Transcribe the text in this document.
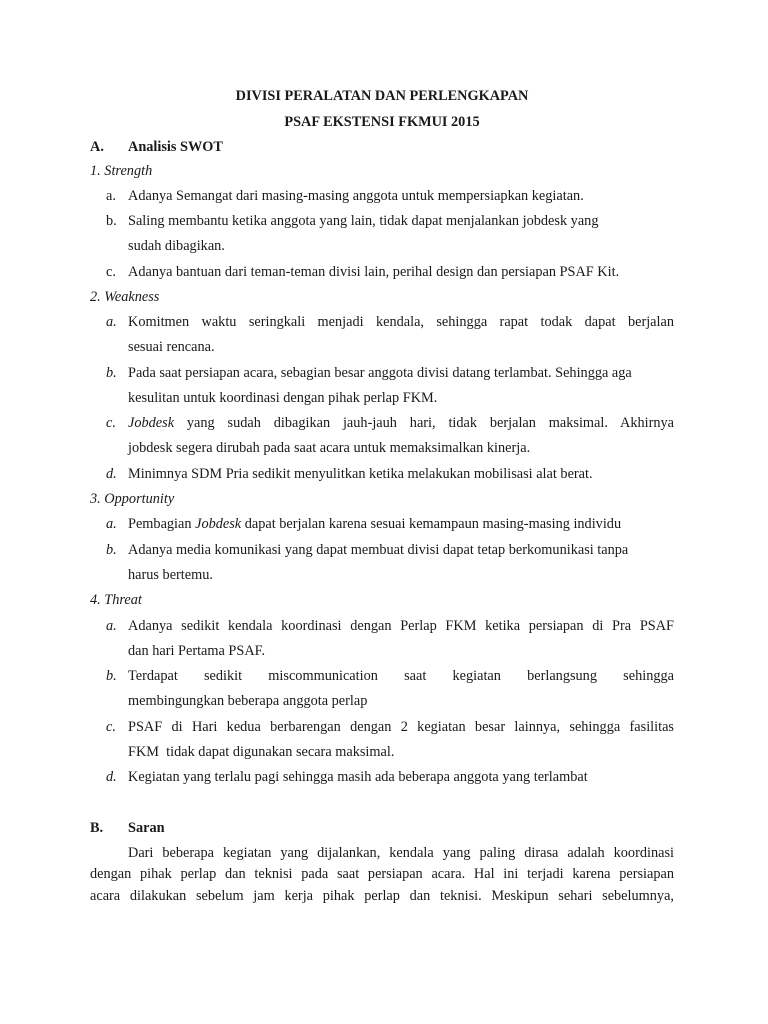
DIVISI PERALATAN DAN PERLENGKAPAN
PSAF EKSTENSI FKMUI 2015
A. Analisis SWOT
1. Strength
a. Adanya Semangat dari masing-masing anggota untuk mempersiapkan kegiatan.
b. Saling membantu ketika anggota yang lain, tidak dapat menjalankan jobdesk yang
sudah dibagikan.
c. Adanya bantuan dari teman-teman divisi lain, perihal design dan persiapan PSAF Kit.
2. Weakness
a. Komitmen waktu seringkali menjadi kendala, sehingga rapat todak dapat berjalan
sesuai rencana.
b. Pada saat persiapan acara, sebagian besar anggota divisi datang terlambat. Sehingga aga
kesulitan untuk koordinasi dengan pihak perlap FKM.
c. Jobdesk yang sudah dibagikan jauh-jauh hari, tidak berjalan maksimal. Akhirnya
jobdesk segera dirubah pada saat acara untuk memaksimalkan kinerja.
d. Minimnya SDM Pria sedikit menyulitkan ketika melakukan mobilisasi alat berat.
3. Opportunity
a. Pembagian Jobdesk dapat berjalan karena sesuai kemampaun masing-masing individu
b. Adanya media komunikasi yang dapat membuat divisi dapat tetap berkomunikasi tanpa
harus bertemu.
4. Threat
a. Adanya sedikit kendala koordinasi dengan Perlap FKM ketika persiapan di Pra PSAF
dan hari Pertama PSAF.
b. Terdapat sedikit miscommunication saat kegiatan berlangsung sehingga
membingungkan beberapa anggota perlap
c. PSAF di Hari kedua berbarengan dengan 2 kegiatan besar lainnya, sehingga fasilitas
FKM  tidak dapat digunakan secara maksimal.
d. Kegiatan yang terlalu pagi sehingga masih ada beberapa anggota yang terlambat
B. Saran
Dari beberapa kegiatan yang dijalankan, kendala yang paling dirasa adalah koordinasi
dengan pihak perlap dan teknisi pada saat persiapan acara. Hal ini terjadi karena persiapan
acara dilakukan sebelum jam kerja pihak perlap dan teknisi. Meskipun sehari sebelumnya,
